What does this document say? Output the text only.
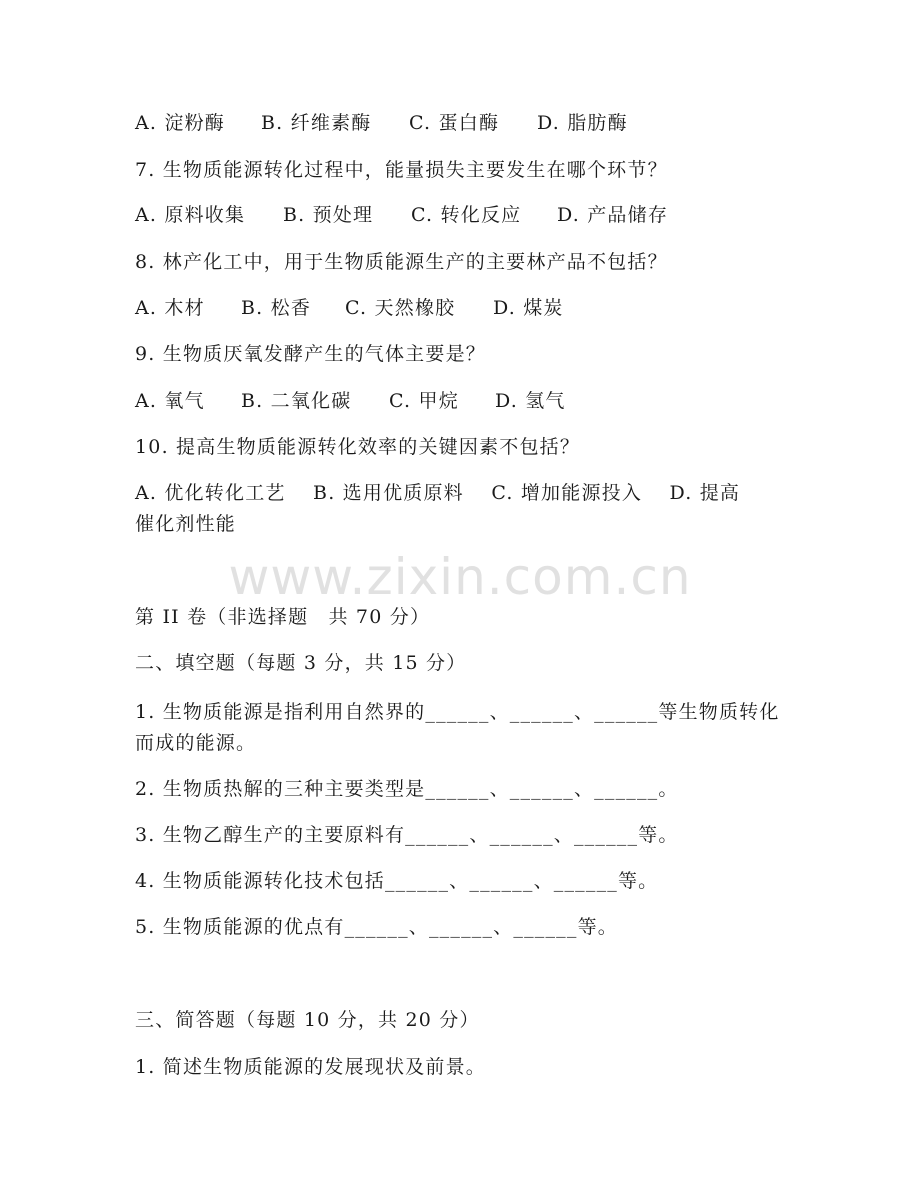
A. 淀粉酶 B. 纤维素酶 C. 蛋白酶 D. 脂肪酶
7. 生物质能源转化过程中，能量损失主要发生在哪个环节？
A. 原料收集 B. 预处理 C. 转化反应 D. 产品储存
8. 林产化工中，用于生物质能源生产的主要林产品不包括？
A. 木材 B. 松香 C. 天然橡胶 D. 煤炭
9. 生物质厌氧发酵产生的气体主要是？
A. 氧气 B. 二氧化碳 C. 甲烷 D. 氢气
10. 提高生物质能源转化效率的关键因素不包括？
A. 优化转化工艺　 B. 选用优质原料　 C. 增加能源投入　 D. 提高
催化剂性能
www.zixin.com.cn
第 II 卷（非选择题　共 70 分）
二、填空题（每题 3 分，共 15 分）
1. 生物质能源是指利用自然界的______、______、______等生物质转化而成的能源。
2. 生物质热解的三种主要类型是______、______、______。
3. 生物乙醇生产的主要原料有______、______、______等。
4. 生物质能源转化技术包括______、______、______等。
5. 生物质能源的优点有______、______、______等。
三、简答题（每题 10 分，共 20 分）
1. 简述生物质能源的发展现状及前景。
